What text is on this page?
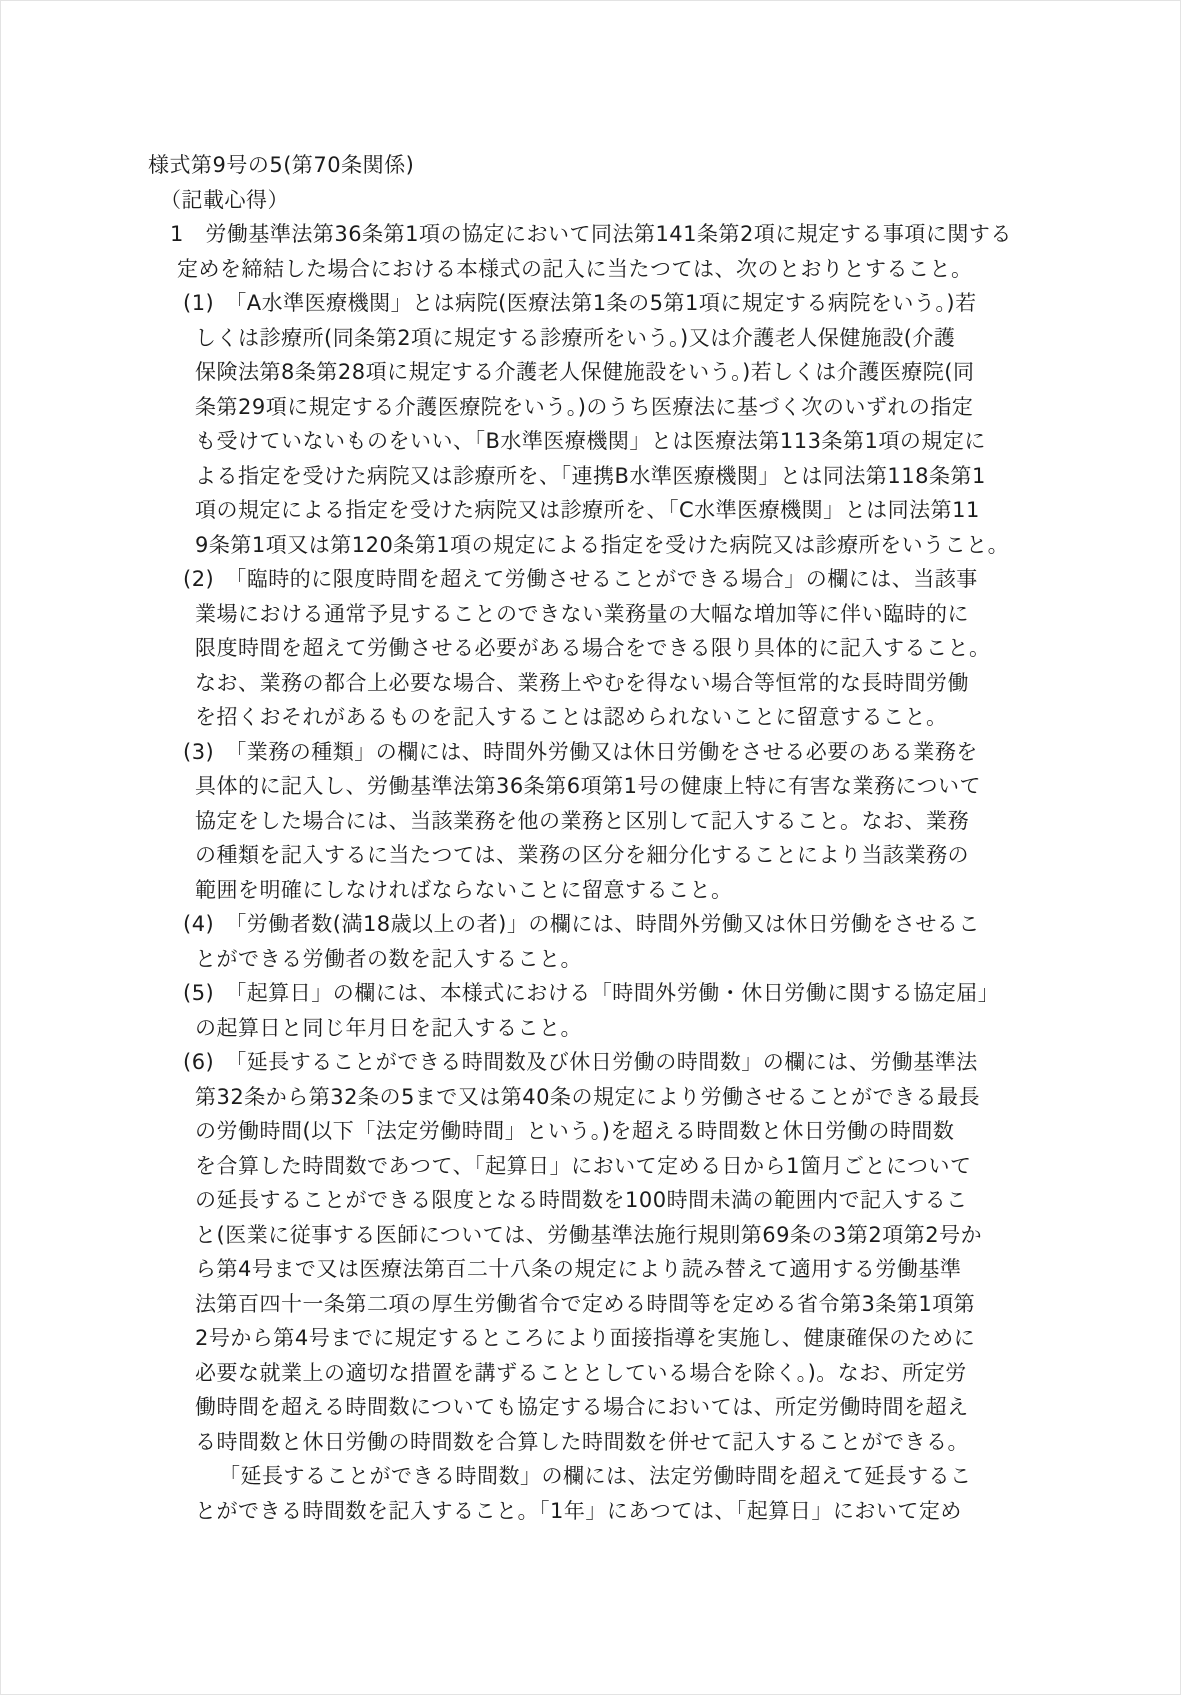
様式第9号の5(第70条関係)
（記載心得）
1　労働基準法第36条第1項の協定において同法第141条第2項に規定する事項に関する
定めを締結した場合における本様式の記入に当たつては、次のとおりとすること。
(1)　「A水準医療機関」とは病院(医療法第1条の5第1項に規定する病院をいう。)若
しくは診療所(同条第2項に規定する診療所をいう。)又は介護老人保健施設(介護
保険法第8条第28項に規定する介護老人保健施設をいう。)若しくは介護医療院(同
条第29項に規定する介護医療院をいう。)のうち医療法に基づく次のいずれの指定
も受けていないものをいい、「B水準医療機関」とは医療法第113条第1項の規定に
よる指定を受けた病院又は診療所を、「連携B水準医療機関」とは同法第118条第1
項の規定による指定を受けた病院又は診療所を、「C水準医療機関」とは同法第11
9条第1項又は第120条第1項の規定による指定を受けた病院又は診療所をいうこと。
(2)　「臨時的に限度時間を超えて労働させることができる場合」の欄には、当該事
業場における通常予見することのできない業務量の大幅な増加等に伴い臨時的に
限度時間を超えて労働させる必要がある場合をできる限り具体的に記入すること。
なお、業務の都合上必要な場合、業務上やむを得ない場合等恒常的な長時間労働
を招くおそれがあるものを記入することは認められないことに留意すること。
(3)　「業務の種類」の欄には、時間外労働又は休日労働をさせる必要のある業務を
具体的に記入し、労働基準法第36条第6項第1号の健康上特に有害な業務について
協定をした場合には、当該業務を他の業務と区別して記入すること。なお、業務
の種類を記入するに当たつては、業務の区分を細分化することにより当該業務の
範囲を明確にしなければならないことに留意すること。
(4)　「労働者数(満18歳以上の者)」の欄には、時間外労働又は休日労働をさせるこ
とができる労働者の数を記入すること。
(5)　「起算日」の欄には、本様式における「時間外労働・休日労働に関する協定届」
の起算日と同じ年月日を記入すること。
(6)　「延長することができる時間数及び休日労働の時間数」の欄には、労働基準法
第32条から第32条の5まで又は第40条の規定により労働させることができる最長
の労働時間(以下「法定労働時間」という。)を超える時間数と休日労働の時間数
を合算した時間数であつて、「起算日」において定める日から1箇月ごとについて
の延長することができる限度となる時間数を100時間未満の範囲内で記入するこ
と(医業に従事する医師については、労働基準法施行規則第69条の3第2項第2号か
ら第4号まで又は医療法第百二十八条の規定により読み替えて適用する労働基準
法第百四十一条第二項の厚生労働省令で定める時間等を定める省令第3条第1項第
2号から第4号までに規定するところにより面接指導を実施し、健康確保のために
必要な就業上の適切な措置を講ずることとしている場合を除く。)。なお、所定労
働時間を超える時間数についても協定する場合においては、所定労働時間を超え
る時間数と休日労働の時間数を合算した時間数を併せて記入することができる。
「延長することができる時間数」の欄には、法定労働時間を超えて延長するこ
とができる時間数を記入すること。「1年」にあつては、「起算日」において定め
